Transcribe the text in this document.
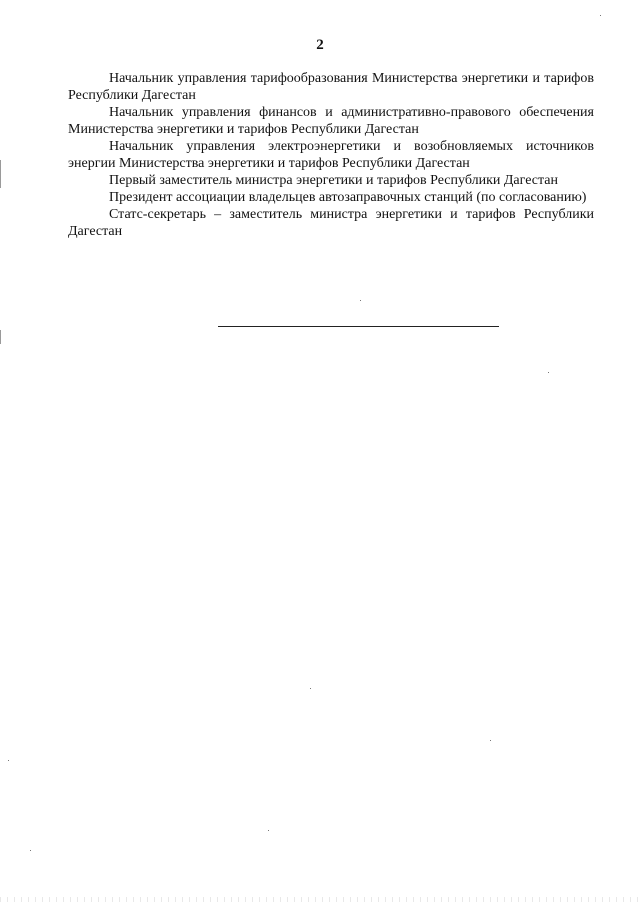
2

Начальник управления тарифообразования Министерства энергетики и тарифов Республики Дагестан

Начальник управления финансов и административно-правового обеспечения Министерства энергетики и тарифов Республики Дагестан

Начальник управления электроэнергетики и возобновляемых источников энергии Министерства энергетики и тарифов Республики Дагестан

Первый заместитель министра энергетики и тарифов Республики Дагестан

Президент ассоциации владельцев автозаправочных станций (по согласованию)

Статс-секретарь – заместитель министра энергетики и тарифов Республики Дагестан
